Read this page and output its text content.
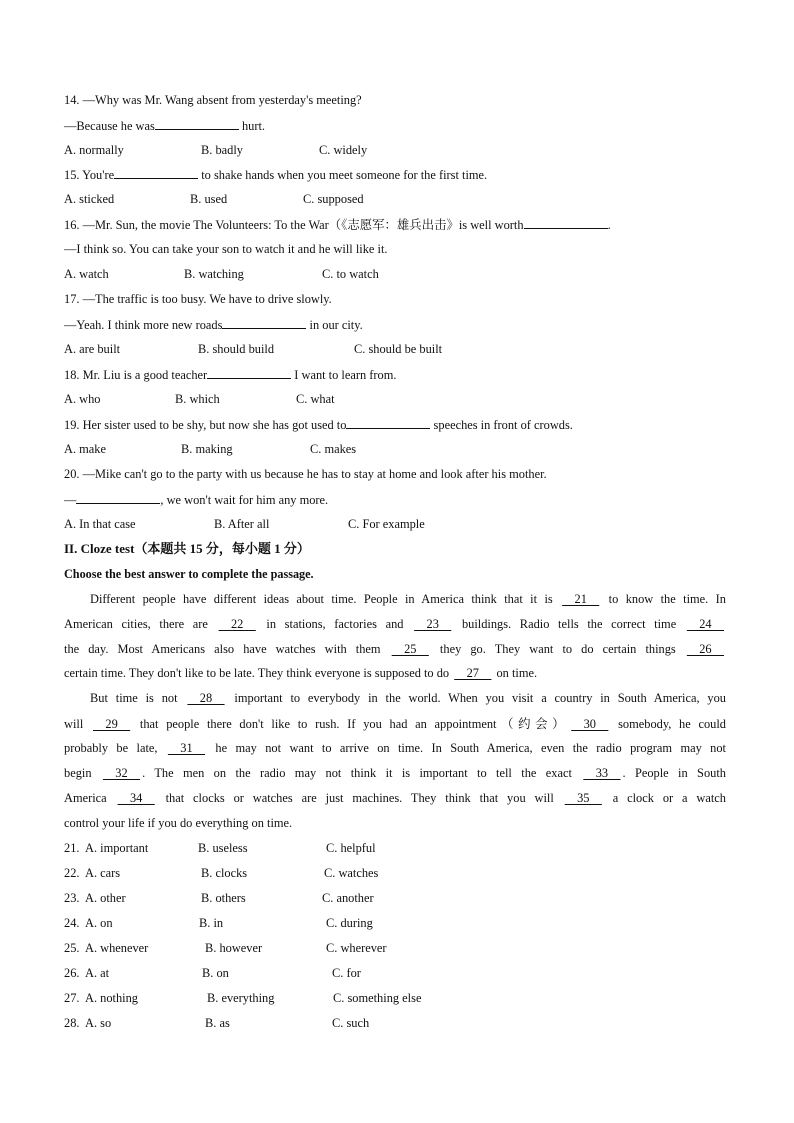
14. —Why was Mr. Wang absent from yesterday's meeting?
—Because he was	hurt.
A. normally	B. badly	C. widely
15. You're	to shake hands when you meet someone for the first time.
A. sticked	B. used	C. supposed
16. —Mr. Sun, the movie The Volunteers: To the War（《志愿军：雄兵出击》is well worth	.
—I think so. You can take your son to watch it and he will like it.
A. watch	B. watching	C. to watch
17. —The traffic is too busy. We have to drive slowly.
—Yeah. I think more new roads	in our city.
A. are built	B. should build	C. should be built
18. Mr. Liu is a good teacher	I want to learn from.
A. who	B. which	C. what
19. Her sister used to be shy, but now she has got used to	speeches in front of crowds.
A. make	B. making	C. makes
20. —Mike can't go to the party with us because he has to stay at home and look after his mother.
—	, we won't wait for him any more.
A. In that case	B. After all	C. For example
II. Cloze test（本题共 15 分，每小题 1 分）
Choose the best answer to complete the passage.
Different people have different ideas about time. People in America think that it is   21   to know the time. In
American cities, there are   22   in stations, factories and   23   buildings. Radio tells the correct time   24  
the day. Most Americans also have watches with them   25   they go. They want to do certain things   26  
certain time. They don't like to be late. They think everyone is supposed to do   27   on time.
But time is not   28   important to everybody in the world. When you visit a country in South America, you
will   29   that people there don't like to rush. If you had an appointment（约会）  30   somebody, he could
probably be late,   31   he may not want to arrive on time. In South America, even the radio program may not
begin   32  . The men on the radio may not think it is important to tell the exact   33  . People in South
America   34   that clocks or watches are just machines. They think that you will   35   a clock or a watch
control your life if you do everything on time.
21. A. important	B. useless	C. helpful
22. A. cars	B. clocks	C. watches
23. A. other	B. others	C. another
24. A. on	B. in	C. during
25. A. whenever	B. however	C. wherever
26. A. at	B. on	C. for
27. A. nothing	B. everything	C. something else
28. A. so	B. as	C. such
